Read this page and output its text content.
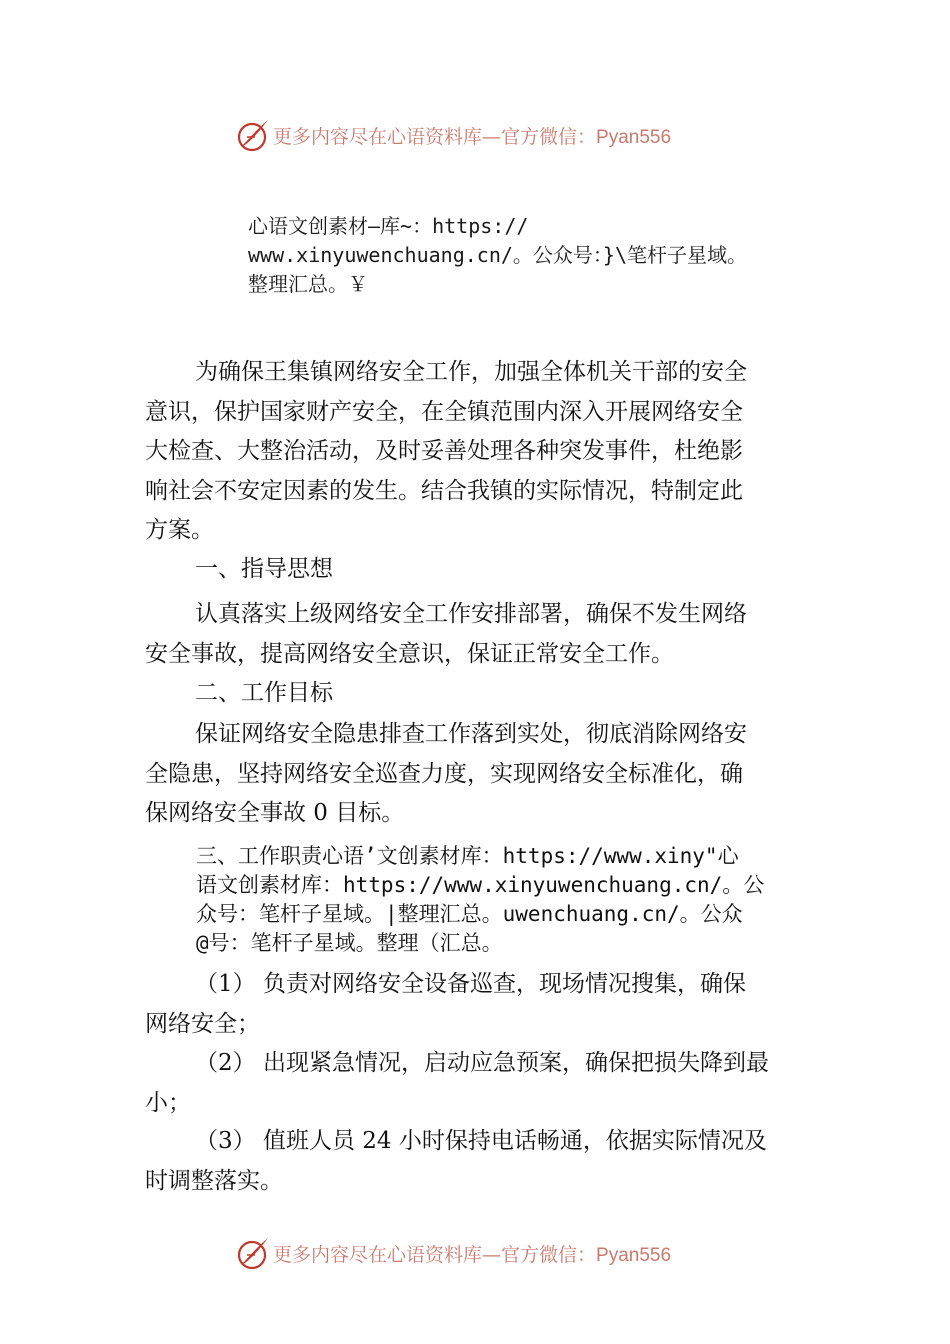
更多内容尽在心语资料库—官方微信：Pyan556
心语文创素材—库~：https://
www.xinyuwenchuang.cn/。公众号：}\笔杆子星域。
整理汇总。￥
为确保王集镇网络安全工作，加强全体机关干部的安全
意识，保护国家财产安全，在全镇范围内深入开展网络安全
大检查、大整治活动，及时妥善处理各种突发事件，杜绝影
响社会不安定因素的发生。结合我镇的实际情况，特制定此
方案。
一、指导思想
认真落实上级网络安全工作安排部署，确保不发生网络
安全事故，提高网络安全意识，保证正常安全工作。
二、工作目标
保证网络安全隐患排查工作落到实处，彻底消除网络安
全隐患，坚持网络安全巡查力度，实现网络安全标准化，确
保网络安全事故 0 目标。
三、工作职责心语’文创素材库：https://www.xiny"心
语文创素材库：https://www.xinyuwenchuang.cn/。公
众号：笔杆子星域。|整理汇总。uwenchuang.cn/。公众
@号：笔杆子星域。整理（汇总。
（1） 负责对网络安全设备巡查，现场情况搜集，确保
网络安全；
（2） 出现紧急情况，启动应急预案，确保把损失降到最
小；
（3） 值班人员 24 小时保持电话畅通，依据实际情况及
时调整落实。
更多内容尽在心语资料库—官方微信：Pyan556
